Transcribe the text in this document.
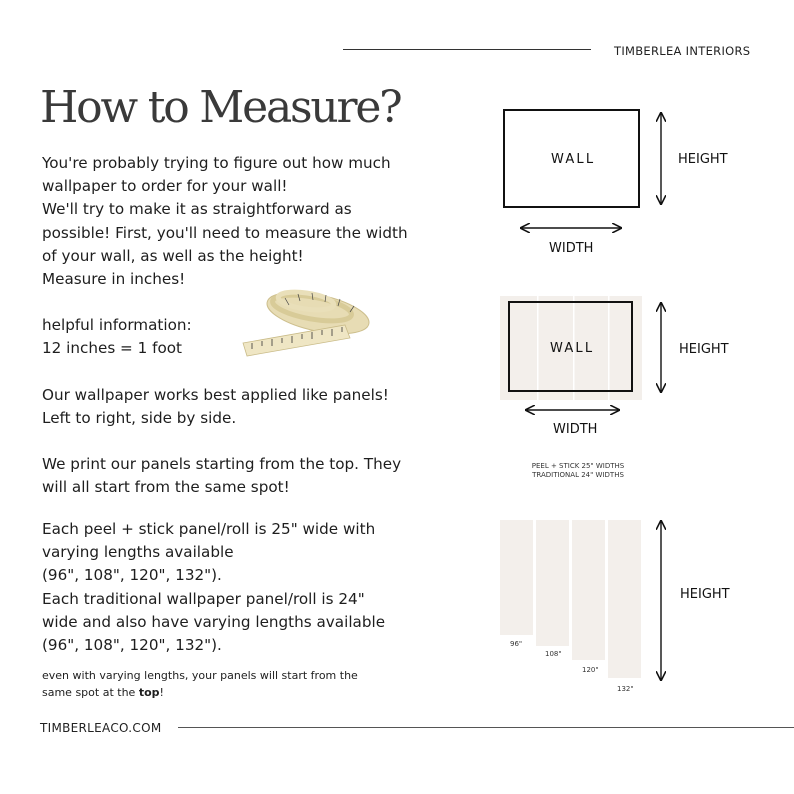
TIMBERLEA INTERIORS
How to Measure?
You're probably trying to figure out how much
wallpaper to order for your wall!
We'll try to make it as straightforward as
possible! First, you'll need to measure the width
of your wall, as well as the height!
Measure in inches!
helpful information:
12 inches = 1 foot
Our wallpaper works best applied like panels!
Left to right, side by side.
We print our panels starting from the top. They
will all start from the same spot!
Each peel + stick panel/roll is 25" wide with
varying lengths available
(96", 108", 120", 132").
Each traditional wallpaper panel/roll is 24"
wide and also have varying lengths available
(96", 108", 120", 132").
even with varying lengths, your panels will start from the
same spot at the top!
TIMBERLEACO.COM
WALL	HEIGHT
WIDTH
WALL	HEIGHT
WIDTH
PEEL + STICK 25" WIDTHS
TRADITIONAL 24" WIDTHS
HEIGHT
96"
108"
120"
132"
